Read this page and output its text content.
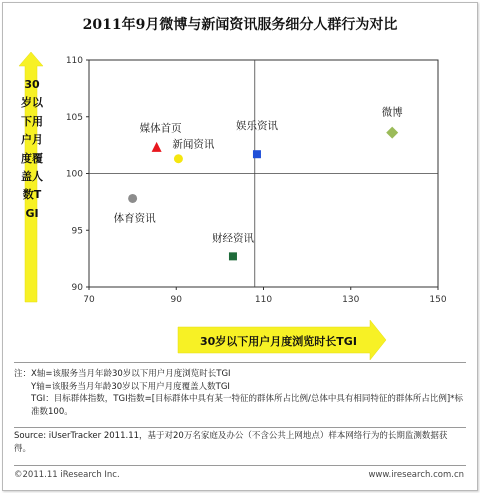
2011年9月微博与新闻资讯服务细分人群行为对比
70	90	110	130	150
90
95
100
105
110
微博
媒体首页
新闻资讯
娱乐资讯
体育资讯
财经资讯
30岁以下用户月度覆盖人数TGI
30岁以下用户月度浏览时长TGI
注：X轴=该服务当月年龄30岁以下用户月度浏览时长TGI
Y轴=该服务当月年龄30岁以下用户月度覆盖人数TGI
TGI：目标群体指数，TGI指数=[目标群体中具有某一特征的群体所占比例/总体中具有相同特征的群体所占比例]*标准数100。
Source: iUserTracker 2011.11，基于对20万名家庭及办公（不含公共上网地点）样本网络行为的长期监测数据获得。
©2011.11 iResearch Inc.	www.iresearch.com.cn
